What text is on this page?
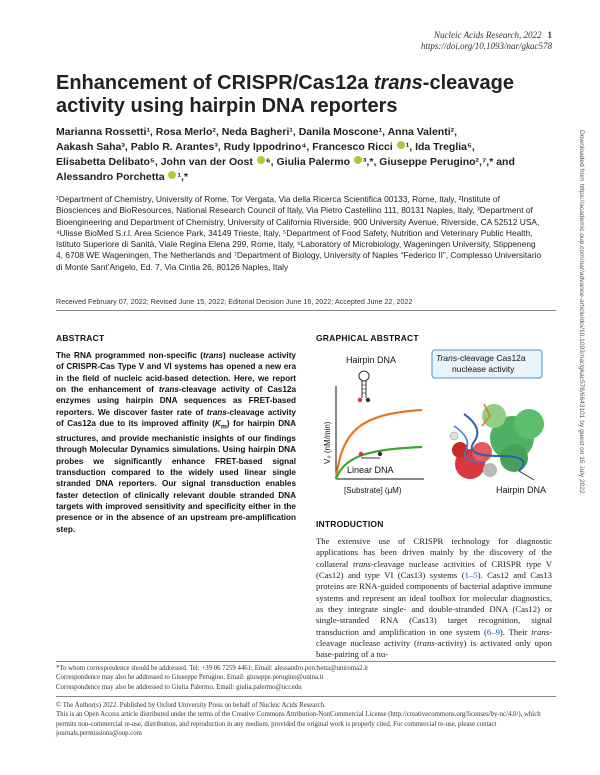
Nucleic Acids Research, 2022 1
https://doi.org/10.1093/nar/gkac578
Enhancement of CRISPR/Cas12a trans-cleavage activity using hairpin DNA reporters
Marianna Rossetti¹, Rosa Merlo², Neda Bagheri¹, Danila Moscone¹, Anna Valenti²,
Aakash Saha³, Pablo R. Arantes³, Rudy Ippodrino⁴, Francesco Ricci ¹, Ida Treglia⁵,
Elisabetta Delibato⁵, John van der Oost ⁶, Giulia Palermo ³,*, Giuseppe Perugino²,⁷,* and
Alessandro Porchetta ¹,*
¹Department of Chemistry, University of Rome, Tor Vergata, Via della Ricerca Scientifica 00133, Rome, Italy, ²Institute of Biosciences and BioResources, National Research Council of Italy, Via Pietro Castellino 111, 80131 Naples, Italy, ³Department of Bioengineering and Department of Chemistry, University of California Riverside, 900 University Avenue, Riverside, CA 52512 USA, ⁴Ulisse BioMed S.r.l. Area Science Park, 34149 Trieste, Italy, ⁵Department of Food Safety, Nutrition and Veterinary Public Health, Istituto Superiore di Sanità, Viale Regina Elena 299, Rome, Italy, ⁶Laboratory of Microbiology, Wageningen University, Stippeneng 4, 6708 WE Wageningen, The Netherlands and ⁷Department of Biology, University of Naples “Federico II”, Complesso Universitario di Monte Sant’Angelo, Ed. 7, Via Cintia 26, 80126 Naples, Italy
Received February 07, 2022; Revised June 15, 2022; Editorial Decision June 16, 2022; Accepted June 22, 2022
ABSTRACT
The RNA programmed non-specific (trans) nuclease activity of CRISPR-Cas Type V and VI systems has opened a new era in the field of nucleic acid-based detection. Here, we report on the enhancement of trans-cleavage activity of Cas12a enzymes using hairpin DNA sequences as FRET-based reporters. We discover faster rate of trans-cleavage activity of Cas12a due to its improved affinity $(K_m)$ for hairpin DNA structures, and provide mechanistic insights of our findings through Molecular Dynamics simulations. Using hairpin DNA probes we significantly enhance FRET-based signal transduction compared to the widely used linear single stranded DNA reporters. Our signal transduction enables faster detection of clinically relevant double stranded DNA targets with improved sensitivity and specificity either in the presence or in the absence of an upstream pre-amplification step.
GRAPHICAL ABSTRACT
Hairpin DNA
V₀ (nM/min)
[Substrate] (μM)
Linear DNA
Trans-cleavage Cas12a
nuclease activity
Hairpin DNA
INTRODUCTION
The extensive use of CRISPR technology for diagnostic applications has been driven mainly by the discovery of the collateral trans-cleavage nuclease activities of CRISPR type V (Cas12) and type VI (Cas13) systems (1–5). Cas12 and Cas13 proteins are RNA-guided components of bacterial adaptive immune systems and represent an ideal toolbox for molecular diagnostics, as they integrate single- and double-stranded DNA (Cas12) or single-stranded RNA (Cas13) target recognition, signal transduction and amplification in one system (6–9). Their trans-cleavage nuclease activity (trans-activity) is activated only upon base-pairing of a nu-
*To whom correspondence should be addressed. Tel: +39 06 7259 4461; Email: alessandro.porchetta@uniroma2.it
Correspondence may also be addressed to Giuseppe Perugino. Email: giuseppe.perugino@unina.it
Correspondence may also be addressed to Giulia Palermo. Email: giulia.palermo@ucr.edu
© The Author(s) 2022. Published by Oxford University Press on behalf of Nucleic Acids Research.
This is an Open Access article distributed under the terms of the Creative Commons Attribution-NonCommercial License (http://creativecommons.org/licenses/by-nc/4.0/), which permits non-commercial re-use, distribution, and reproduction in any medium, provided the original work is properly cited. For commercial re-use, please contact journals.permissions@oup.com
Downloaded from https://academic.oup.com/nar/advance-article/doi/10.1093/nar/gkac578/6643101 by guest on 15 July 2022
